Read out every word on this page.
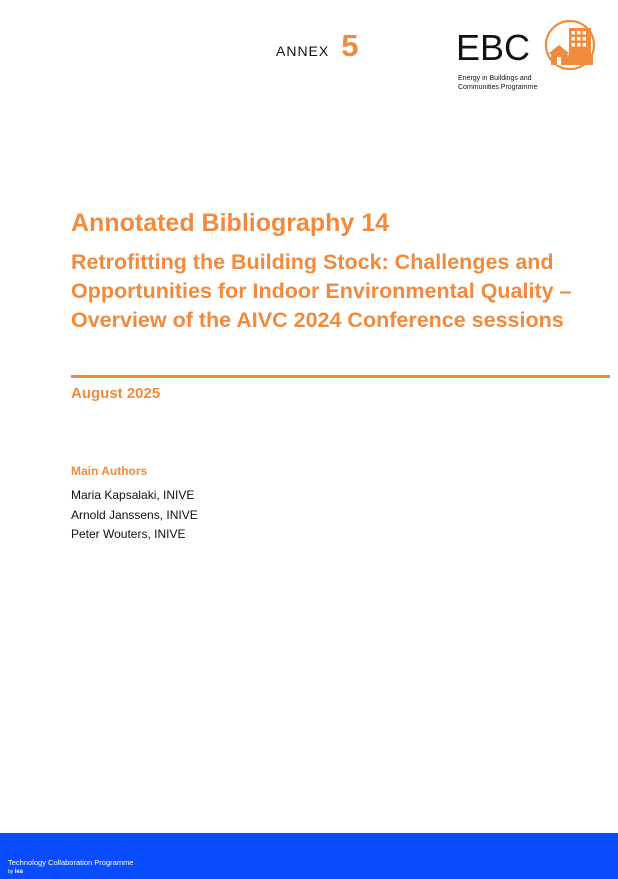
ANNEX 5	EBC
Energy in Buildings and
Communities Programme
Annotated Bibliography 14
Retrofitting the Building Stock: Challenges and Opportunities for Indoor Environmental Quality – Overview of the AIVC 2024 Conference sessions
August 2025
Main Authors
Maria Kapsalaki, INIVE
Arnold Janssens, INIVE
Peter Wouters, INIVE
Technology Collaboration Programme
by iea
